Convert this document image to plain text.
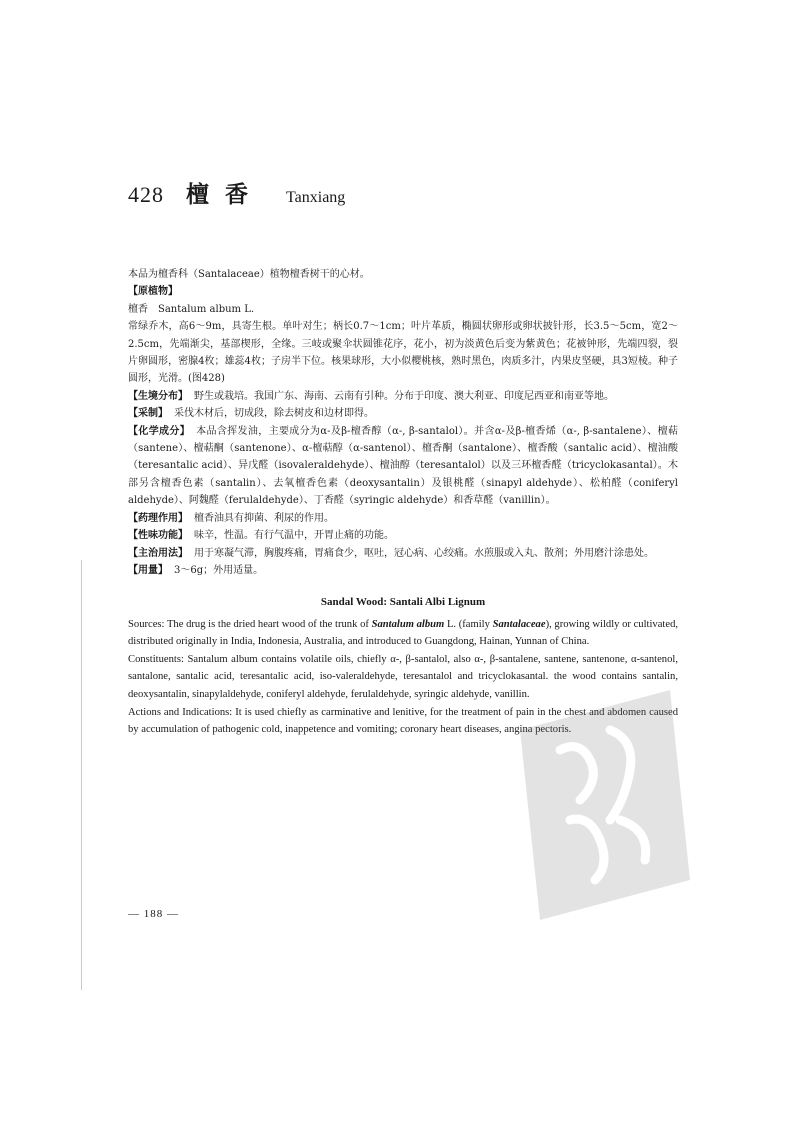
428 檀香 Tanxiang

本品为檀香科（Santalaceae）植物檀香树干的心材。

【原植物】

檀香　Santalum album L.

常绿乔木，高6～9m，具寄生根。单叶对生；柄长0.7～1cm；叶片革质，椭圆状卵形或卵状披针形，长3.5～5cm，宽2～2.5cm，先端渐尖，基部楔形，全缘。三岐或聚伞状圆锥花序，花小，初为淡黄色后变为紫黄色；花被钟形，先端四裂，裂片卵圆形，密腺4枚；雄蕊4枚；子房半下位。核果球形，大小似樱桃核，熟时黑色，肉质多汁，内果皮坚硬，具3短棱。种子圆形，光滑。(图428)

【生境分布】 野生或栽培。我国广东、海南、云南有引种。分布于印度、澳大利亚、印度尼西亚和南亚等地。

【采制】 采伐木材后，切成段，除去树皮和边材即得。

【化学成分】 本品含挥发油，主要成分为α-及β-檀香醇（α-, β-santalol）。并含α-及β-檀香烯（α-, β-santalene）、檀萜（santene）、檀萜酮（santenone）、α-檀萜醇（α-santenol）、檀香酮（santalone）、檀香酸（santalic acid）、檀油酸（teresantalic acid）、异戊醛（isovaleraldehyde）、檀油醇（teresantalol）以及三环檀香醛（tricyclokasantal）。木部另含檀香色素（santalin）、去氧檀香色素（deoxysantalin）及银桃醛（sinapyl aldehyde）、松柏醛（coniferyl aldehyde）、阿魏醛（ferulaldehyde）、丁香醛（syringic aldehyde）和香草醛（vanillin）。

【药理作用】 檀香油具有抑菌、利尿的作用。

【性味功能】 味辛，性温。有行气温中，开胃止痛的功能。

【主治用法】 用于寒凝气滞，胸腹疼痛，胃痛食少，呕吐，冠心病、心绞痛。水煎服或入丸、散剂；外用磨汁涂患处。

【用量】 3～6g；外用适量。

Sandal Wood: Santali Albi Lignum

Sources: The drug is the dried heart wood of the trunk of Santalum album L. (family Santalaceae), growing wildly or cultivated, distributed originally in India, Indonesia, Australia, and introduced to Guangdong, Hainan, Yunnan of China.

Constituents: Santalum album contains volatile oils, chiefly α-, β-santalol, also α-, β-santalene, santene, santenone, α-santenol, santalone, santalic acid, teresantalic acid, iso-valeraldehyde, teresantalol and tricyclokasantal. the wood contains santalin, deoxysantalin, sinapylaldehyde, coniferyl aldehyde, ferulaldehyde, syringic aldehyde, vanillin.

Actions and Indications: It is used chiefly as carminative and lenitive, for the treatment of pain in the chest and abdomen caused by accumulation of pathogenic cold, inappetence and vomiting; coronary heart diseases, angina pectoris.

— 188 —
